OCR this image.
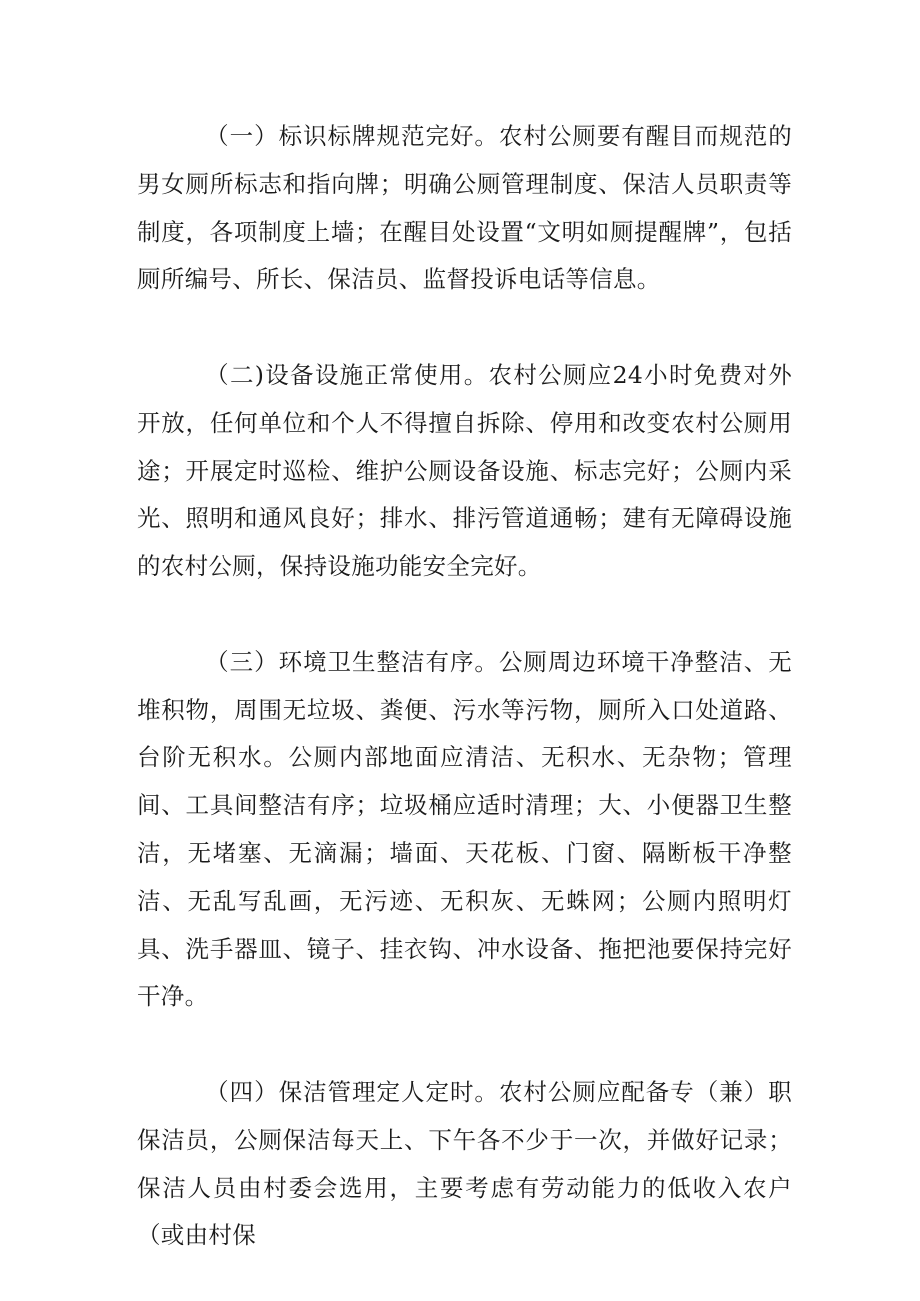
（一）标识标牌规范完好。农村公厕要有醒目而规范的男女厕所标志和指向牌；明确公厕管理制度、保洁人员职责等制度，各项制度上墙；在醒目处设置“文明如厕提醒牌”，包括厕所编号、所长、保洁员、监督投诉电话等信息。

（二)设备设施正常使用。农村公厕应24小时免费对外开放，任何单位和个人不得擅自拆除、停用和改变农村公厕用途；开展定时巡检、维护公厕设备设施、标志完好；公厕内采光、照明和通风良好；排水、排污管道通畅；建有无障碍设施的农村公厕，保持设施功能安全完好。

（三）环境卫生整洁有序。公厕周边环境干净整洁、无堆积物，周围无垃圾、粪便、污水等污物，厕所入口处道路、台阶无积水。公厕内部地面应清洁、无积水、无杂物；管理间、工具间整洁有序；垃圾桶应适时清理；大、小便器卫生整洁，无堵塞、无滴漏；墙面、天花板、门窗、隔断板干净整洁、无乱写乱画，无污迹、无积灰、无蛛网；公厕内照明灯具、洗手器皿、镜子、挂衣钩、冲水设备、拖把池要保持完好干净。

（四）保洁管理定人定时。农村公厕应配备专（兼）职保洁员，公厕保洁每天上、下午各不少于一次，并做好记录；保洁人员由村委会选用，主要考虑有劳动能力的低收入农户（或由村保
